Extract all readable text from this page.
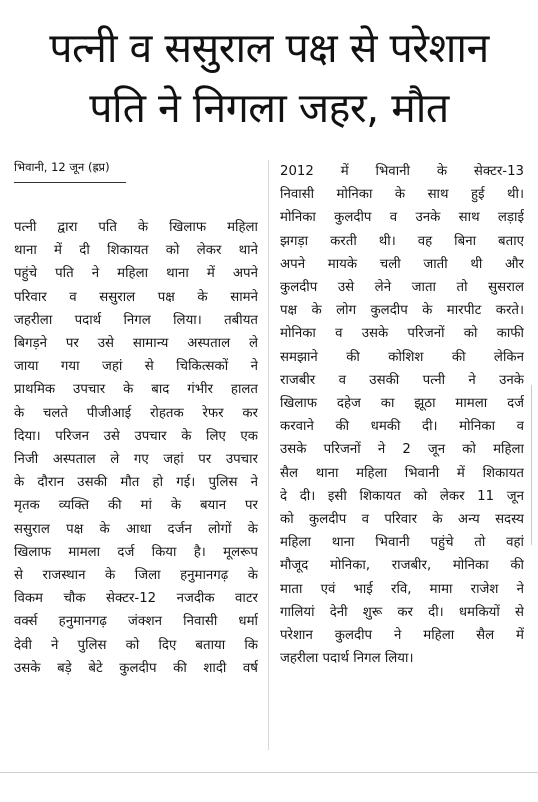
पत्नी व ससुराल पक्ष से परेशान
पति ने निगला जहर, मौत
भिवानी, 12 जून (ह्रप्र)
पत्नी द्वारा पति के खिलाफ महिला
थाना में दी शिकायत को लेकर थाने
पहुंचे पति ने महिला थाना में अपने
परिवार व ससुराल पक्ष के सामने
जहरीला पदार्थ निगल लिया। तबीयत
बिगड़ने पर उसे सामान्य अस्पताल ले
जाया गया जहां से चिकित्सकों ने
प्राथमिक उपचार के बाद गंभीर हालत
के चलते पीजीआई रोहतक रेफर कर
दिया। परिजन उसे उपचार के लिए एक
निजी अस्पताल ले गए जहां पर उपचार
के दौरान उसकी मौत हो गई। पुलिस ने
मृतक व्यक्ति की मां के बयान पर
ससुराल पक्ष के आधा दर्जन लोगों के
खिलाफ मामला दर्ज किया है। मूलरूप
से राजस्थान के जिला हनुमानगढ़ के
विकम चौक सेक्टर-12 नजदीक वाटर
वर्क्स हनुमानगढ़ जंक्शन निवासी धर्मा
देवी ने पुलिस को दिए बताया कि
उसके बड़े बेटे कुलदीप की शादी वर्ष
2012 में भिवानी के सेक्टर-13
निवासी मोनिका के साथ हुई थी।
मोनिका कुलदीप व उनके साथ लड़ाई
झगड़ा करती थी। वह बिना बताए
अपने मायके चली जाती थी और
कुलदीप उसे लेने जाता तो सुसराल
पक्ष के लोग कुलदीप के मारपीट करते।
मोनिका व उसके परिजनों को काफी
समझाने की कोशिश की लेकिन
राजबीर व उसकी पत्नी ने उनके
खिलाफ दहेज का झूठा मामला दर्ज
करवाने की धमकी दी। मोनिका व
उसके परिजनों ने 2 जून को महिला
सैल थाना महिला भिवानी में शिकायत
दे दी। इसी शिकायत को लेकर 11 जून
को कुलदीप व परिवार के अन्य सदस्य
महिला थाना भिवानी पहुंचे तो वहां
मौजूद मोनिका, राजबीर, मोनिका की
माता एवं भाई रवि, मामा राजेश ने
गालियां देनी शुरू कर दी। धमकियों से
परेशान कुलदीप ने महिला सैल में
जहरीला पदार्थ निगल लिया।
